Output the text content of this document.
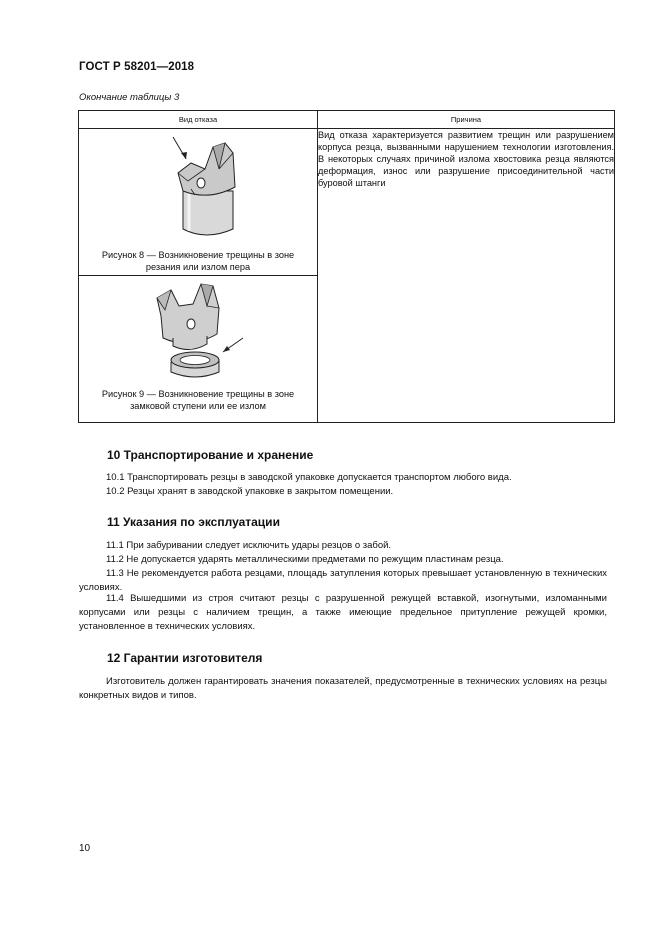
ГОСТ Р 58201—2018
Окончание таблицы 3
Вид отказа	Причина

Рисунок 8 — Возникновение трещины в зоне резания или излом пера	Вид отказа характеризуется развитием трещин или разрушением корпуса резца, вызванными нарушением технологии изготовления. В некоторых случаях причиной излома хвостовика резца являются деформация, износ или разрушение присоединительной части буровой штанги

Рисунок 9 — Возникновение трещины в зоне замковой ступени или ее излом	
10 Транспортирование и хранение
10.1 Транспортировать резцы в заводской упаковке допускается транспортом любого вида.
10.2 Резцы хранят в заводской упаковке в закрытом помещении.
11 Указания по эксплуатации
11.1 При забуривании следует исключить удары резцов о забой.
11.2 Не допускается ударять металлическими предметами по режущим пластинам резца.
11.3 Не рекомендуется работа резцами, площадь затупления которых превышает установленную в технических условиях.
11.4 Вышедшими из строя считают резцы с разрушенной режущей вставкой, изогнутыми, изломанными корпусами или резцы с наличием трещин, а также имеющие предельное притупление режущей кромки, установленное в технических условиях.
12 Гарантии изготовителя
Изготовитель должен гарантировать значения показателей, предусмотренные в технических условиях на резцы конкретных видов и типов.
10
